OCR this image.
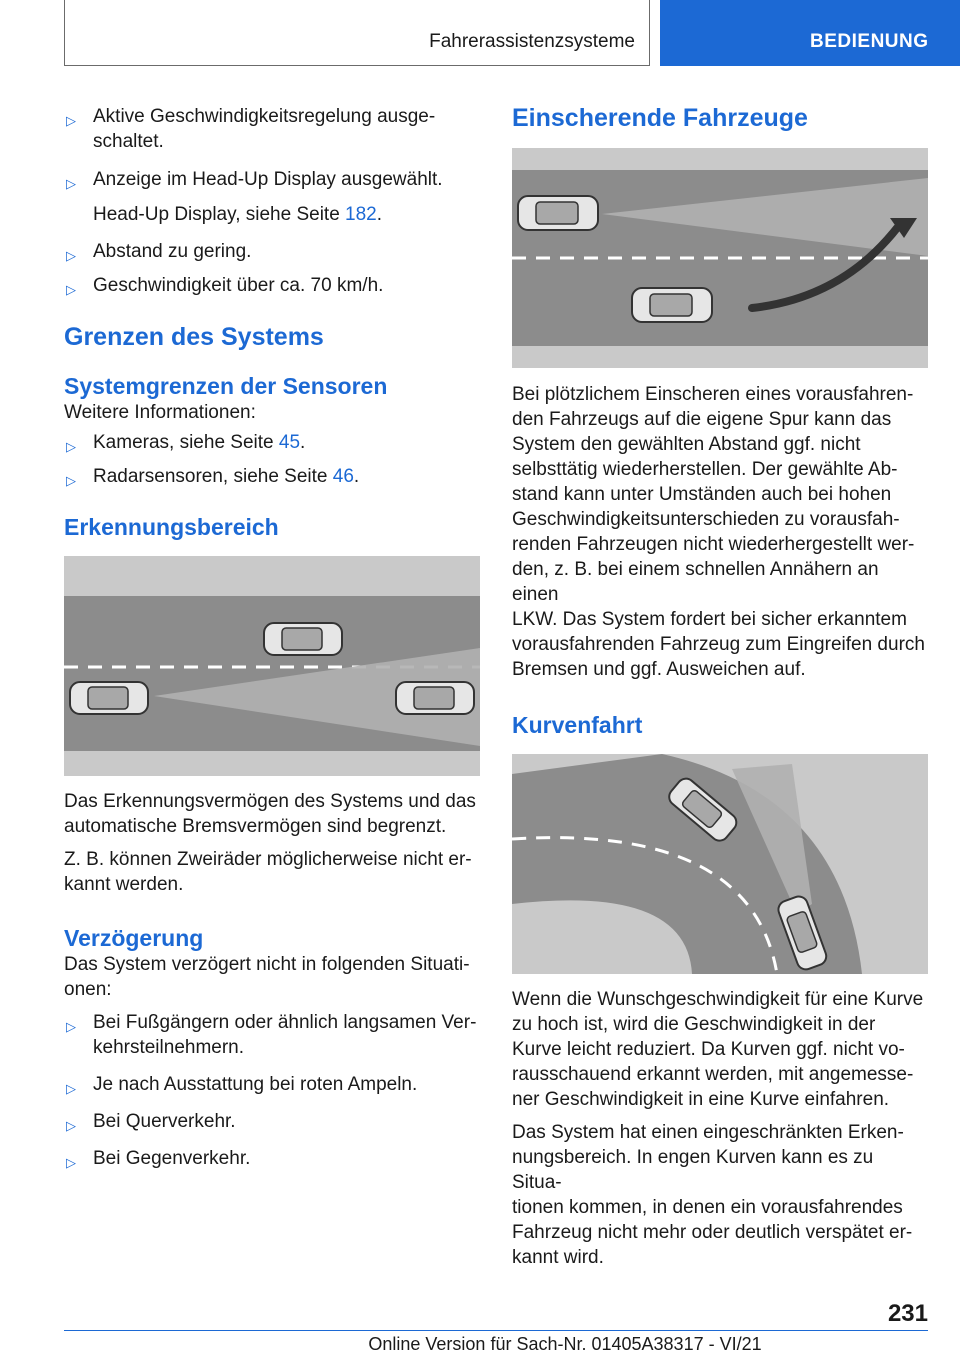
Fahrerassistenzsysteme	BEDIENUNG
▷ Aktive Geschwindigkeitsregelung ausge-
schaltet.
▷ Anzeige im Head-Up Display ausgewählt.
Head-Up Display, siehe Seite 182.
▷ Abstand zu gering.
▷ Geschwindigkeit über ca. 70 km/h.
Grenzen des Systems
Systemgrenzen der Sensoren

Weitere Informationen:

▷ Kameras, siehe Seite 45.
▷ Radarsensoren, siehe Seite 46.
Erkennungsbereich

Das Erkennungsvermögen des Systems und das automatische Bremsvermögen sind begrenzt.

Z. B. können Zweiräder möglicherweise nicht er-
kannt werden.

Verzögerung

Das System verzögert nicht in folgenden Situati-
onen:

▷ Bei Fußgängern oder ähnlich langsamen Ver-
kehrsteilnehmern.
▷ Je nach Ausstattung bei roten Ampeln.
▷ Bei Querverkehr.
▷ Bei Gegenverkehr.
Einscherende Fahrzeuge

Bei plötzlichem Einscheren eines vorausfahren-
den Fahrzeugs auf die eigene Spur kann das
System den gewählten Abstand ggf. nicht
selbsttätig wiederherstellen. Der gewählte Ab-
stand kann unter Umständen auch bei hohen
Geschwindigkeitsunterschieden zu vorausfah-
renden Fahrzeugen nicht wiederhergestellt wer-
den, z. B. bei einem schnellen Annähern an einen
LKW. Das System fordert bei sicher erkanntem
vorausfahrenden Fahrzeug zum Eingreifen durch
Bremsen und ggf. Ausweichen auf.

Kurvenfahrt

Wenn die Wunschgeschwindigkeit für eine Kurve
zu hoch ist, wird die Geschwindigkeit in der
Kurve leicht reduziert. Da Kurven ggf. nicht vo-
rausschauend erkannt werden, mit angemesse-
ner Geschwindigkeit in eine Kurve einfahren.

Das System hat einen eingeschränkten Erken-
nungsbereich. In engen Kurven kann es zu Situa-
tionen kommen, in denen ein vorausfahrendes
Fahrzeug nicht mehr oder deutlich verspätet er-
kannt wird.

231
Online Version für Sach-Nr. 01405A38317 - VI/21
